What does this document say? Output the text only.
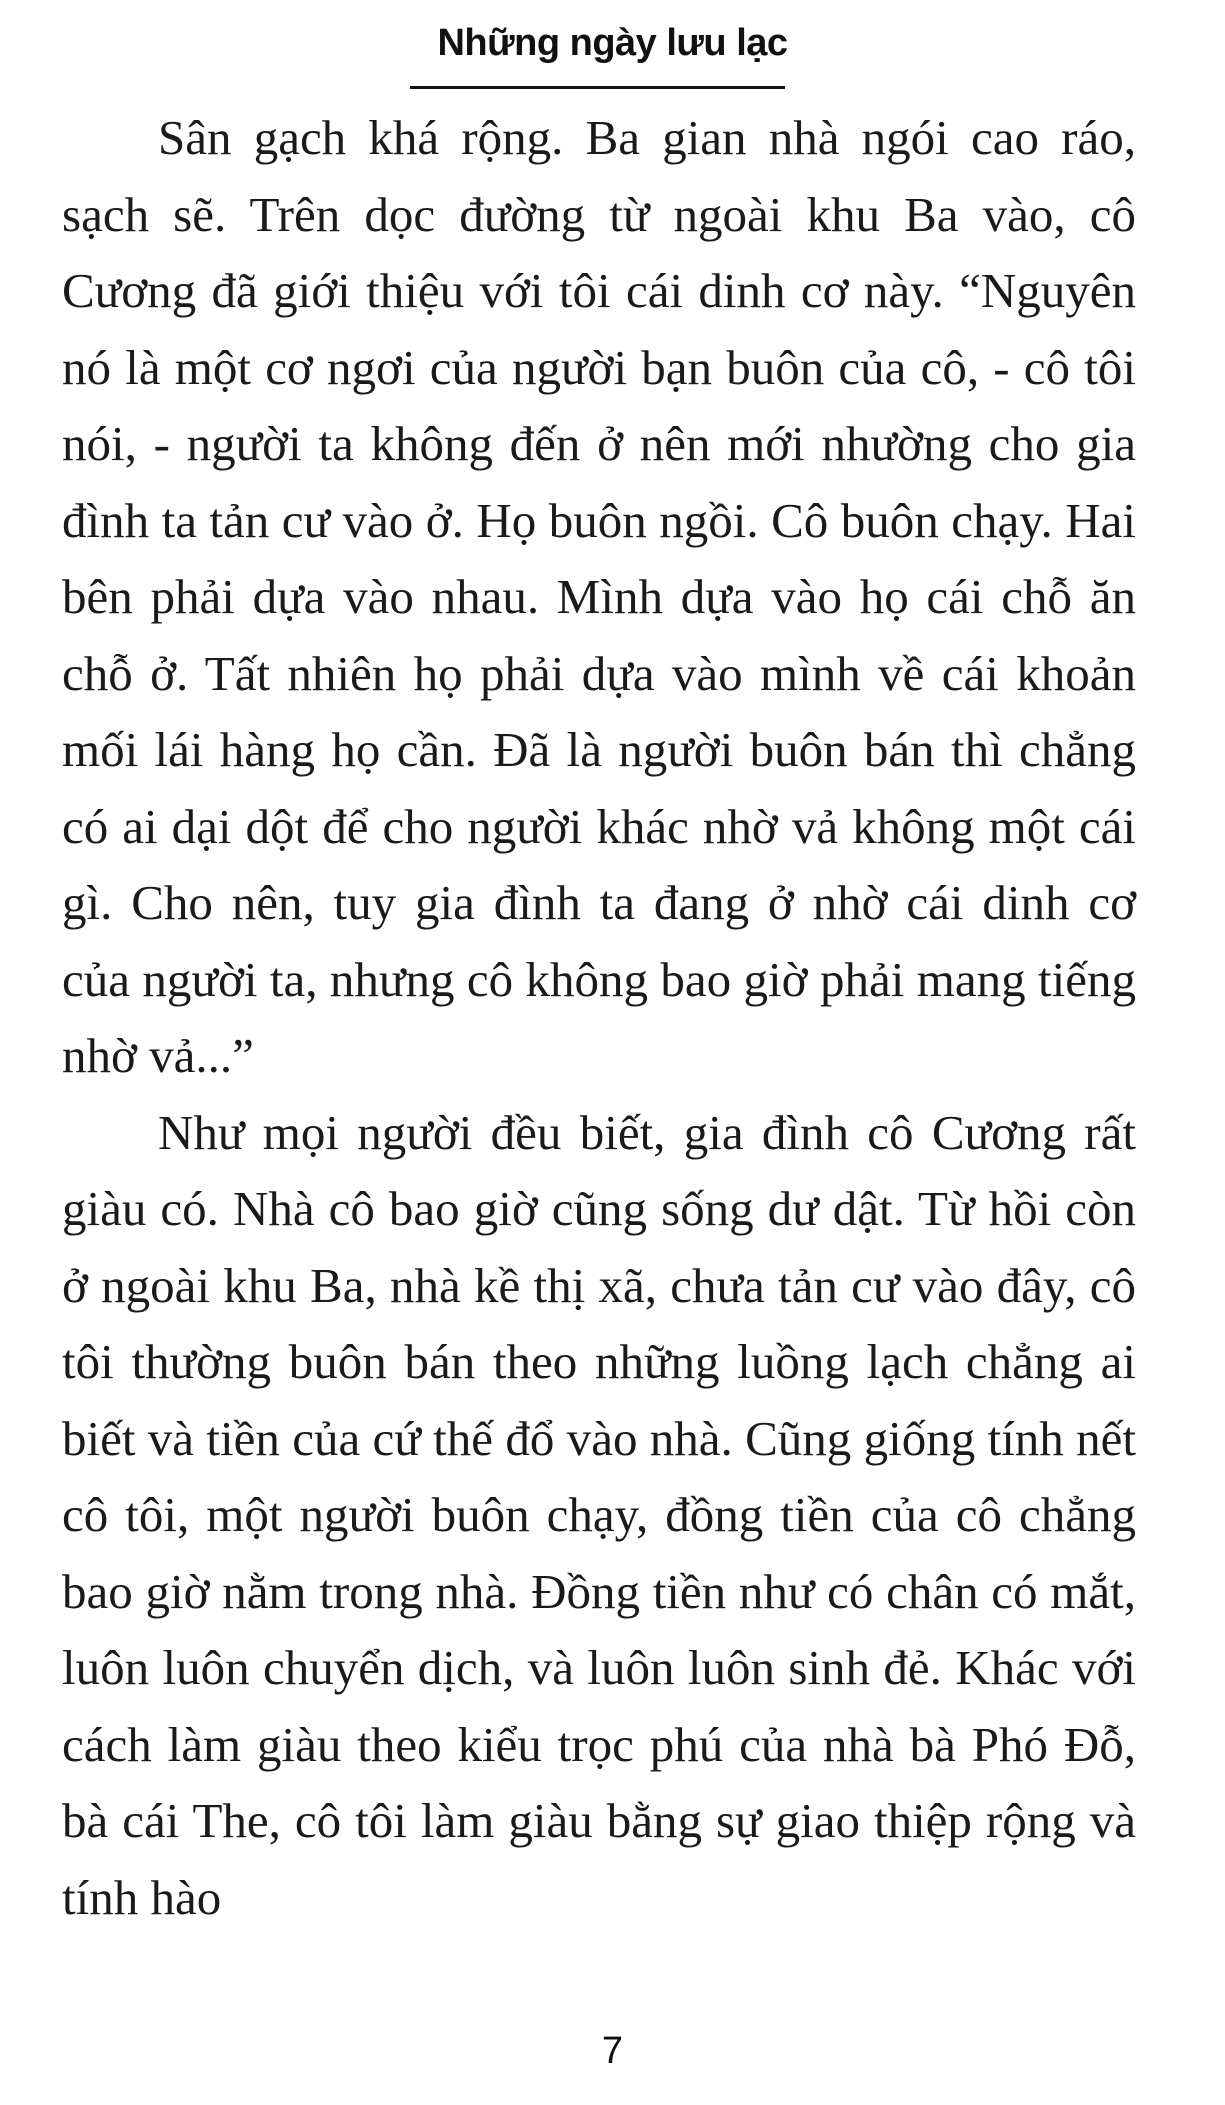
Những ngày lưu lạc

Sân gạch khá rộng. Ba gian nhà ngói cao ráo, sạch sẽ. Trên dọc đường từ ngoài khu Ba vào, cô Cương đã giới thiệu với tôi cái dinh cơ này. “Nguyên nó là một cơ ngơi của người bạn buôn của cô, - cô tôi nói, - người ta không đến ở nên mới nhường cho gia đình ta tản cư vào ở. Họ buôn ngồi. Cô buôn chạy. Hai bên phải dựa vào nhau. Mình dựa vào họ cái chỗ ăn chỗ ở. Tất nhiên họ phải dựa vào mình về cái khoản mối lái hàng họ cần. Đã là người buôn bán thì chẳng có ai dại dột để cho người khác nhờ vả không một cái gì. Cho nên, tuy gia đình ta đang ở nhờ cái dinh cơ của người ta, nhưng cô không bao giờ phải mang tiếng nhờ vả...”

Như mọi người đều biết, gia đình cô Cương rất giàu có. Nhà cô bao giờ cũng sống dư dật. Từ hồi còn ở ngoài khu Ba, nhà kề thị xã, chưa tản cư vào đây, cô tôi thường buôn bán theo những luồng lạch chẳng ai biết và tiền của cứ thế đổ vào nhà. Cũng giống tính nết cô tôi, một người buôn chạy, đồng tiền của cô chẳng bao giờ nằm trong nhà. Đồng tiền như có chân có mắt, luôn luôn chuyển dịch, và luôn luôn sinh đẻ. Khác với cách làm giàu theo kiểu trọc phú của nhà bà Phó Đỗ, bà cái The, cô tôi làm giàu bằng sự giao thiệp rộng và tính hào

7
